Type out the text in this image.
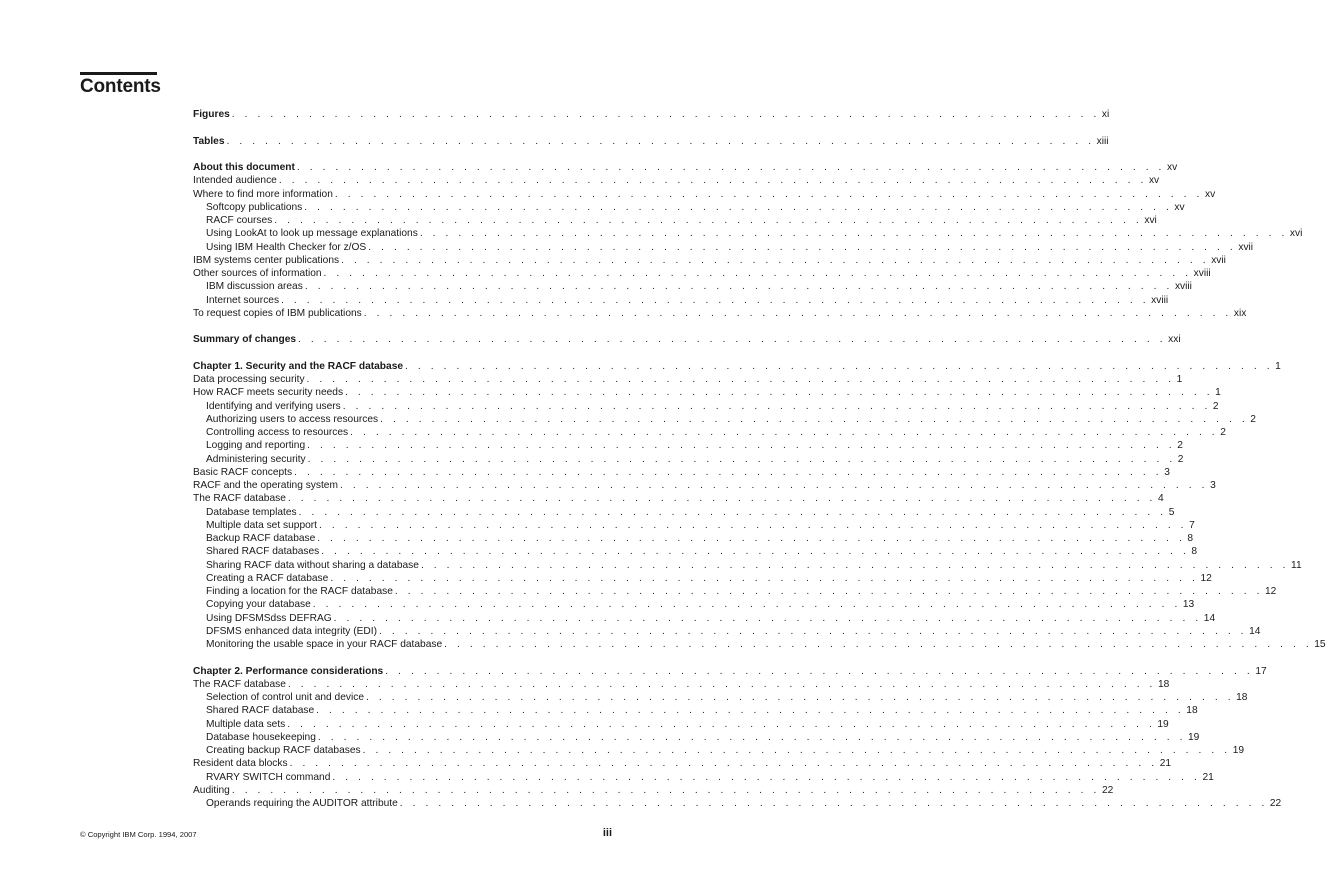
Contents
Figures . . . . . . . . . . . . . . . . . . . . . . . . . . . . . . . . . . . . . . . . . . . . . . . . . . . . . . . . . . . . . . . . . . . . xi
Tables . . . . . . . . . . . . . . . . . . . . . . . . . . . . . . . . . . . . . . . . . . . . . . . . . . . . . . . . . . . . . . . . . . . . xiii
About this document . . . . . . . . . . . . . . . . . . . . . . . . . . . . . . . . . . . . . . . . . . . . . . . . . . . . . . . . . . . . . . . . . . . . xv
Intended audience . . . . . . . . . . . . . . . . . . . . . . . . . . . . . . . . . . . . . . . . . . . . . . . . . . . . . . . . . . . . . . . . . . . . xv
Where to find more information . . . . . . . . . . . . . . . . . . . . . . . . . . . . . . . . . . . . . . . . . . . . . . . . . . . . . . . . . . . . . . . . . . . . xv
Softcopy publications . . . . . . . . . . . . . . . . . . . . . . . . . . . . . . . . . . . . . . . . . . . . . . . . . . . . . . . . . . . . . . . . . . . . xv
RACF courses . . . . . . . . . . . . . . . . . . . . . . . . . . . . . . . . . . . . . . . . . . . . . . . . . . . . . . . . . . . . . . . . . . . . xvi
Using LookAt to look up message explanations . . . . . . . . . . . . . . . . . . . . . . . . . . . . . . . . . . . . . . . . . . . . . . . . . . . . . . . . . . . . . . . . . . . . xvi
Using IBM Health Checker for z/OS . . . . . . . . . . . . . . . . . . . . . . . . . . . . . . . . . . . . . . . . . . . . . . . . . . . . . . . . . . . . . . . . . . . . xvii
IBM systems center publications . . . . . . . . . . . . . . . . . . . . . . . . . . . . . . . . . . . . . . . . . . . . . . . . . . . . . . . . . . . . . . . . . . . . xvii
Other sources of information . . . . . . . . . . . . . . . . . . . . . . . . . . . . . . . . . . . . . . . . . . . . . . . . . . . . . . . . . . . . . . . . . . . . xviii
IBM discussion areas . . . . . . . . . . . . . . . . . . . . . . . . . . . . . . . . . . . . . . . . . . . . . . . . . . . . . . . . . . . . . . . . . . . . xviii
Internet sources . . . . . . . . . . . . . . . . . . . . . . . . . . . . . . . . . . . . . . . . . . . . . . . . . . . . . . . . . . . . . . . . . . . . xviii
To request copies of IBM publications . . . . . . . . . . . . . . . . . . . . . . . . . . . . . . . . . . . . . . . . . . . . . . . . . . . . . . . . . . . . . . . . . . . . xix
Summary of changes . . . . . . . . . . . . . . . . . . . . . . . . . . . . . . . . . . . . . . . . . . . . . . . . . . . . . . . . . . . . . . . . . . . . xxi
Chapter 1. Security and the RACF database . . . . . . . . . . . . . . . . . . . . . . . . . . . . . . . . . . . . . . . . . . . . . . . . . . . . . . . . . . . . . . . . . . . . 1
Data processing security . . . . . . . . . . . . . . . . . . . . . . . . . . . . . . . . . . . . . . . . . . . . . . . . . . . . . . . . . . . . . . . . . . . . 1
How RACF meets security needs . . . . . . . . . . . . . . . . . . . . . . . . . . . . . . . . . . . . . . . . . . . . . . . . . . . . . . . . . . . . . . . . . . . . 1
Identifying and verifying users . . . . . . . . . . . . . . . . . . . . . . . . . . . . . . . . . . . . . . . . . . . . . . . . . . . . . . . . . . . . . . . . . . . . 2
Authorizing users to access resources . . . . . . . . . . . . . . . . . . . . . . . . . . . . . . . . . . . . . . . . . . . . . . . . . . . . . . . . . . . . . . . . . . . . 2
Controlling access to resources . . . . . . . . . . . . . . . . . . . . . . . . . . . . . . . . . . . . . . . . . . . . . . . . . . . . . . . . . . . . . . . . . . . . 2
Logging and reporting . . . . . . . . . . . . . . . . . . . . . . . . . . . . . . . . . . . . . . . . . . . . . . . . . . . . . . . . . . . . . . . . . . . . 2
Administering security . . . . . . . . . . . . . . . . . . . . . . . . . . . . . . . . . . . . . . . . . . . . . . . . . . . . . . . . . . . . . . . . . . . . 2
Basic RACF concepts . . . . . . . . . . . . . . . . . . . . . . . . . . . . . . . . . . . . . . . . . . . . . . . . . . . . . . . . . . . . . . . . . . . . 3
RACF and the operating system . . . . . . . . . . . . . . . . . . . . . . . . . . . . . . . . . . . . . . . . . . . . . . . . . . . . . . . . . . . . . . . . . . . . 3
The RACF database . . . . . . . . . . . . . . . . . . . . . . . . . . . . . . . . . . . . . . . . . . . . . . . . . . . . . . . . . . . . . . . . . . . . 4
Database templates . . . . . . . . . . . . . . . . . . . . . . . . . . . . . . . . . . . . . . . . . . . . . . . . . . . . . . . . . . . . . . . . . . . . 5
Multiple data set support . . . . . . . . . . . . . . . . . . . . . . . . . . . . . . . . . . . . . . . . . . . . . . . . . . . . . . . . . . . . . . . . . . . . 7
Backup RACF database . . . . . . . . . . . . . . . . . . . . . . . . . . . . . . . . . . . . . . . . . . . . . . . . . . . . . . . . . . . . . . . . . . . . 8
Shared RACF databases . . . . . . . . . . . . . . . . . . . . . . . . . . . . . . . . . . . . . . . . . . . . . . . . . . . . . . . . . . . . . . . . . . . . 8
Sharing RACF data without sharing a database . . . . . . . . . . . . . . . . . . . . . . . . . . . . . . . . . . . . . . . . . . . . . . . . . . . . . . . . . . . . . . . . . . . . 11
Creating a RACF database . . . . . . . . . . . . . . . . . . . . . . . . . . . . . . . . . . . . . . . . . . . . . . . . . . . . . . . . . . . . . . . . . . . . 12
Finding a location for the RACF database . . . . . . . . . . . . . . . . . . . . . . . . . . . . . . . . . . . . . . . . . . . . . . . . . . . . . . . . . . . . . . . . . . . . 12
Copying your database . . . . . . . . . . . . . . . . . . . . . . . . . . . . . . . . . . . . . . . . . . . . . . . . . . . . . . . . . . . . . . . . . . . . 13
Using DFSMSdss DEFRAG . . . . . . . . . . . . . . . . . . . . . . . . . . . . . . . . . . . . . . . . . . . . . . . . . . . . . . . . . . . . . . . . . . . . 14
DFSMS enhanced data integrity (EDI) . . . . . . . . . . . . . . . . . . . . . . . . . . . . . . . . . . . . . . . . . . . . . . . . . . . . . . . . . . . . . . . . . . . . 14
Monitoring the usable space in your RACF database . . . . . . . . . . . . . . . . . . . . . . . . . . . . . . . . . . . . . . . . . . . . . . . . . . . . . . . . . . . . . . . . . . . . 15
Chapter 2. Performance considerations . . . . . . . . . . . . . . . . . . . . . . . . . . . . . . . . . . . . . . . . . . . . . . . . . . . . . . . . . . . . . . . . . . . . 17
The RACF database . . . . . . . . . . . . . . . . . . . . . . . . . . . . . . . . . . . . . . . . . . . . . . . . . . . . . . . . . . . . . . . . . . . . 18
Selection of control unit and device . . . . . . . . . . . . . . . . . . . . . . . . . . . . . . . . . . . . . . . . . . . . . . . . . . . . . . . . . . . . . . . . . . . . 18
Shared RACF database . . . . . . . . . . . . . . . . . . . . . . . . . . . . . . . . . . . . . . . . . . . . . . . . . . . . . . . . . . . . . . . . . . . . 18
Multiple data sets . . . . . . . . . . . . . . . . . . . . . . . . . . . . . . . . . . . . . . . . . . . . . . . . . . . . . . . . . . . . . . . . . . . . 19
Database housekeeping . . . . . . . . . . . . . . . . . . . . . . . . . . . . . . . . . . . . . . . . . . . . . . . . . . . . . . . . . . . . . . . . . . . . 19
Creating backup RACF databases . . . . . . . . . . . . . . . . . . . . . . . . . . . . . . . . . . . . . . . . . . . . . . . . . . . . . . . . . . . . . . . . . . . . 19
Resident data blocks . . . . . . . . . . . . . . . . . . . . . . . . . . . . . . . . . . . . . . . . . . . . . . . . . . . . . . . . . . . . . . . . . . . . 21
RVARY SWITCH command . . . . . . . . . . . . . . . . . . . . . . . . . . . . . . . . . . . . . . . . . . . . . . . . . . . . . . . . . . . . . . . . . . . . 21
Auditing . . . . . . . . . . . . . . . . . . . . . . . . . . . . . . . . . . . . . . . . . . . . . . . . . . . . . . . . . . . . . . . . . . . . 22
Operands requiring the AUDITOR attribute . . . . . . . . . . . . . . . . . . . . . . . . . . . . . . . . . . . . . . . . . . . . . . . . . . . . . . . . . . . . . . . . . . . . 22
© Copyright IBM Corp. 1994, 2007	iii
